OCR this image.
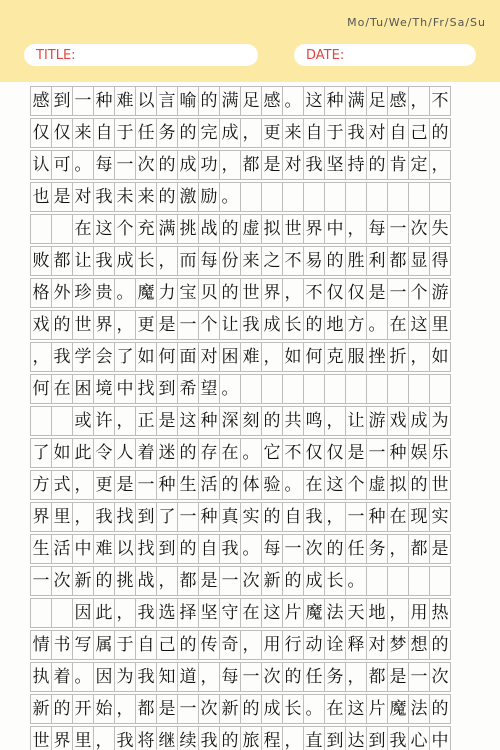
Mo/Tu/We/Th/Fr/Sa/Su
TITLE:	DATE:
感 到 一 种 难 以 言 喻 的 满 足 感 。 这 种 满 足 感 ， 不
仅 仅 来 自 于 任 务 的 完 成 ， 更 来 自 于 我 对 自 己 的
认 可 。 每 一 次 的 成 功 ， 都 是 对 我 坚 持 的 肯 定 ，
也 是 对 我 未 来 的 激 励 。
在 这 个 充 满 挑 战 的 虚 拟 世 界 中 ， 每 一 次 失
败 都 让 我 成 长 ， 而 每 份 来 之 不 易 的 胜 利 都 显 得
格 外 珍 贵 。 魔 力 宝 贝 的 世 界 ， 不 仅 仅 是 一 个 游
戏 的 世 界 ， 更 是 一 个 让 我 成 长 的 地 方 。 在 这 里
， 我 学 会 了 如 何 面 对 困 难 ， 如 何 克 服 挫 折 ， 如
何 在 困 境 中 找 到 希 望 。
或 许 ， 正 是 这 种 深 刻 的 共 鸣 ， 让 游 戏 成 为
了 如 此 令 人 着 迷 的 存 在 。 它 不 仅 仅 是 一 种 娱 乐
方 式 ， 更 是 一 种 生 活 的 体 验 。 在 这 个 虚 拟 的 世
界 里 ， 我 找 到 了 一 种 真 实 的 自 我 ， 一 种 在 现 实
生 活 中 难 以 找 到 的 自 我 。 每 一 次 的 任 务 ， 都 是
一 次 新 的 挑 战 ， 都 是 一 次 新 的 成 长 。
因 此 ， 我 选 择 坚 守 在 这 片 魔 法 天 地 ， 用 热
情 书 写 属 于 自 己 的 传 奇 ， 用 行 动 诠 释 对 梦 想 的
执 着 。 因 为 我 知 道 ， 每 一 次 的 任 务 ， 都 是 一 次
新 的 开 始 ， 都 是 一 次 新 的 成 长 。 在 这 片 魔 法 的
世 界 里 ， 我 将 继 续 我 的 旅 程 ， 直 到 达 到 我 心 中
